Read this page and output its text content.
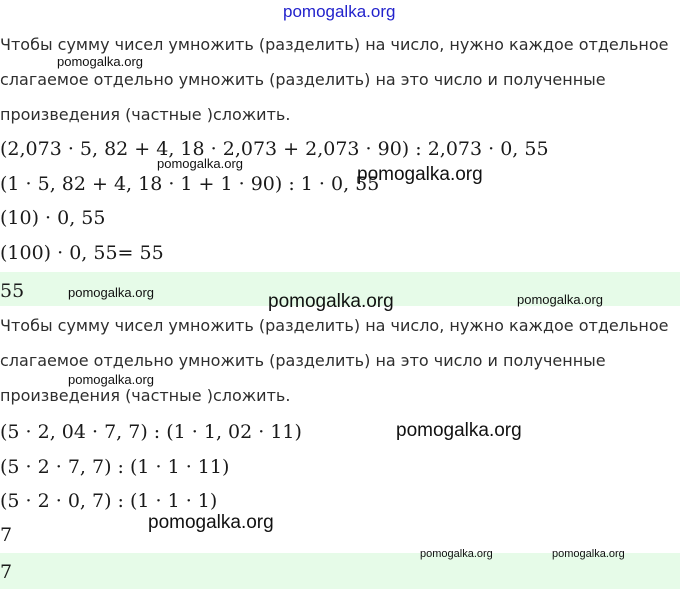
pomogalka.org
Чтобы сумму чисел умножить (разделить) на число, нужно каждое отдельное
слагаемое отдельно умножить (разделить) на это число и полученные
произведения (частные )сложить.
(2,073 · 5, 82 + 4, 18 · 2,073 + 2,073 · 90) : 2,073 · 0, 55
(1 · 5, 82 + 4, 18 · 1 + 1 · 90) : 1 · 0, 55
(10) · 0, 55
(100) · 0, 55= 55
55
Чтобы сумму чисел умножить (разделить) на число, нужно каждое отдельное
слагаемое отдельно умножить (разделить) на это число и полученные
произведения (частные )сложить.
(5 · 2, 04 · 7, 7) : (1 · 1, 02 · 11)
(5 · 2 · 7, 7) : (1 · 1 · 11)
(5 · 2 · 0, 7) : (1 · 1 · 1)
7
7
pomogalka.org
pomogalka.org
pomogalka.org
pomogalka.org	pomogalka.org	pomogalka.org
pomogalka.org
pomogalka.org
pomogalka.org
pomogalka.org	pomogalka.org
